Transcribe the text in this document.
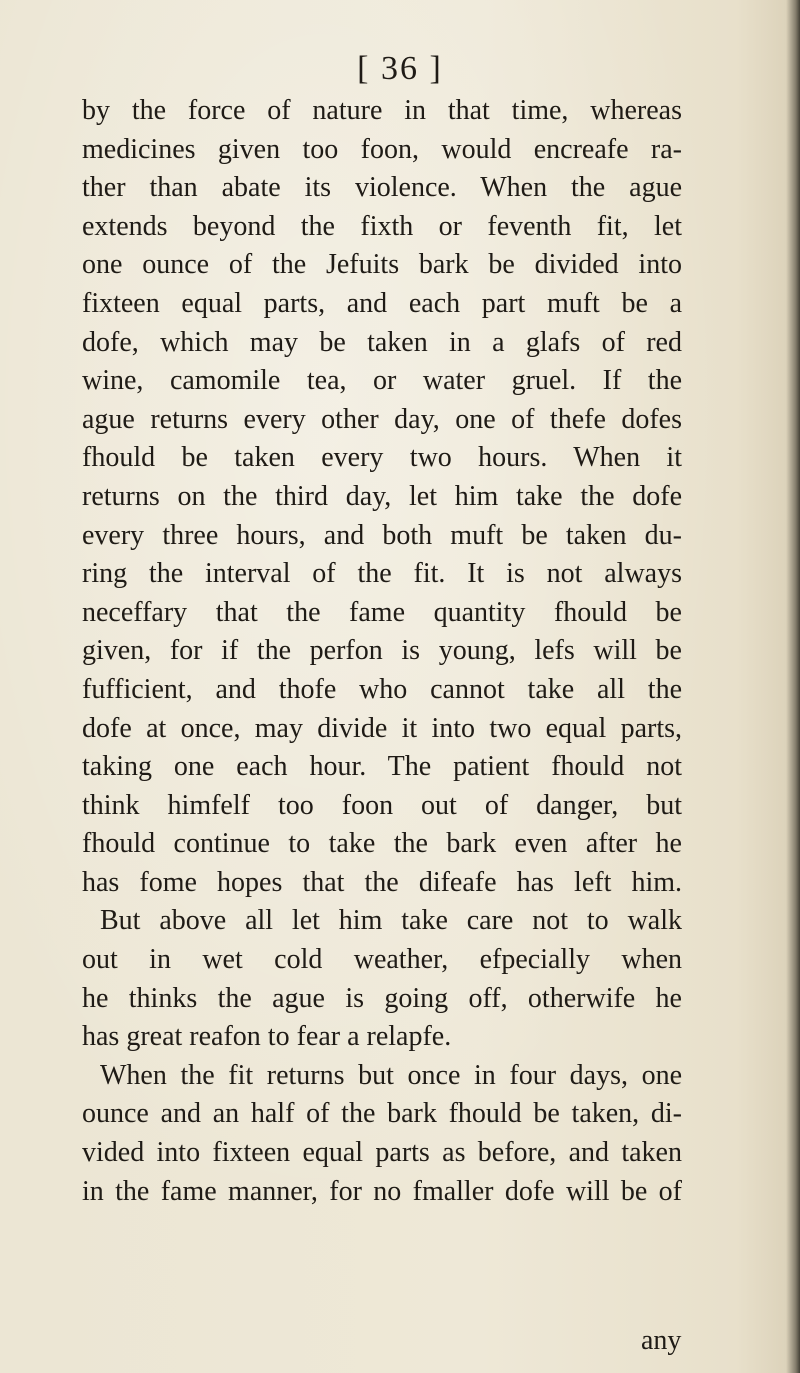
[ 36 ]
by the force of nature in that time, whereas
medicines given too foon, would encreafe ra-
ther than abate its violence. When the ague
extends beyond the fixth or feventh fit, let
one ounce of the Jefuits bark be divided into
fixteen equal parts, and each part muft be a
dofe, which may be taken in a glafs of red
wine, camomile tea, or water gruel. If the
ague returns every other day, one of thefe dofes
fhould be taken every two hours. When it
returns on the third day, let him take the dofe
every three hours, and both muft be taken du-
ring the interval of the fit. It is not always
neceffary that the fame quantity fhould be
given, for if the perfon is young, lefs will be
fufficient, and thofe who cannot take all the
dofe at once, may divide it into two equal parts,
taking one each hour. The patient fhould not
think himfelf too foon out of danger, but
fhould continue to take the bark even after he
has fome hopes that the difeafe has left him.
But above all let him take care not to walk
out in wet cold weather, efpecially when
he thinks the ague is going off, otherwife he
has great reafon to fear a relapfe.
When the fit returns but once in four days, one
ounce and an half of the bark fhould be taken, di-
vided into fixteen equal parts as before, and taken
in the fame manner, for no fmaller dofe will be of
any
